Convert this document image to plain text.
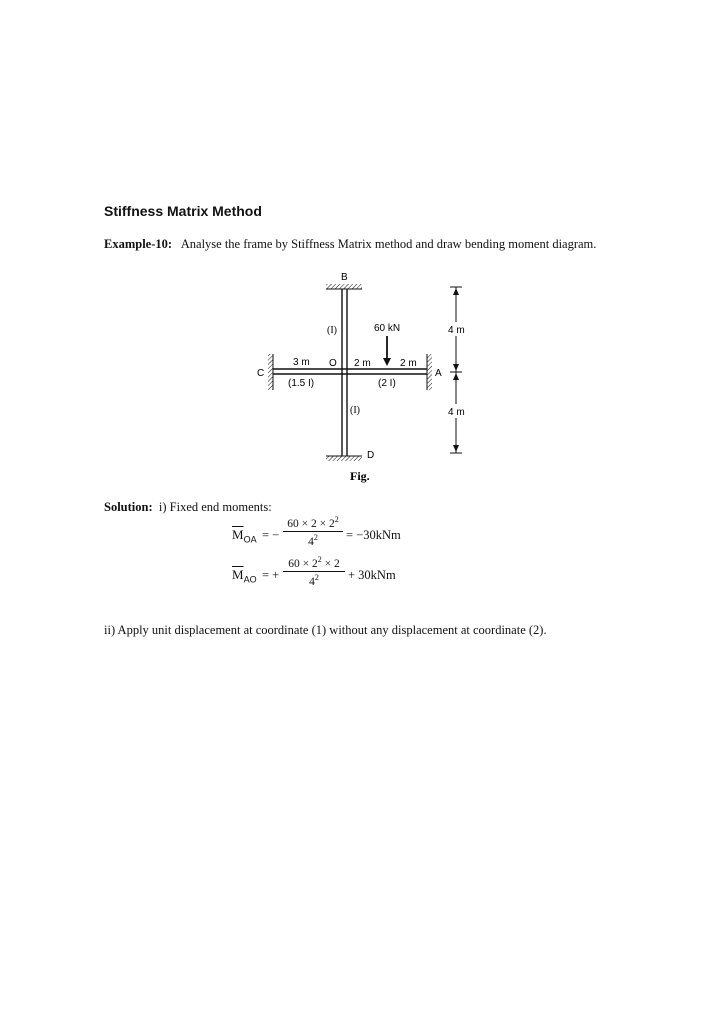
Stiffness Matrix Method
Example-10: Analyse the frame by Stiffness Matrix method and draw bending moment diagram.
B
C
O
A
D
(I)
(I)
(1.5 I)	(2 I)
60 kN
3 m	2 m	2 m
4 m
4 m
Fig.
Solution: i) Fixed end moments:
$\overline{M}_{OA}$ = −
$60 \times 2 \times 2^2$
$4^2$	= −30kNm
$\overline{M}_{AO}$ = +
$60 \times 2^2 \times 2$
$4^2$	+ 30kNm
ii) Apply unit displacement at coordinate (1) without any displacement at coordinate (2).
